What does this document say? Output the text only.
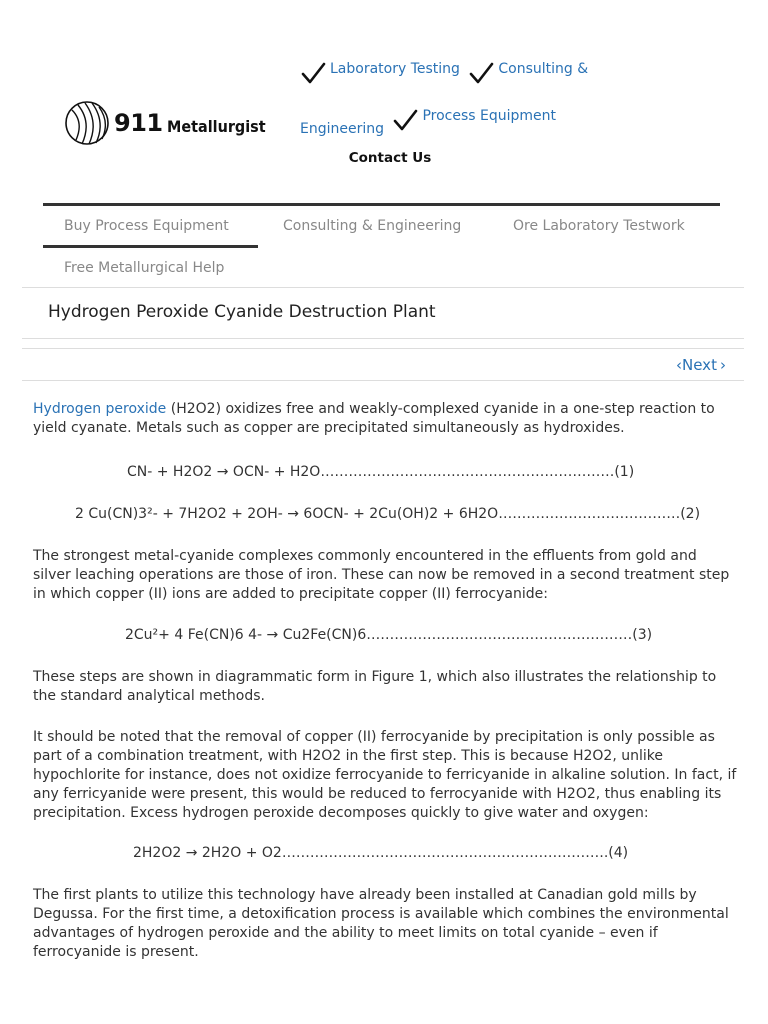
911 Metallurgist
Laboratory Testing
	Consulting &

Engineering

Process Equipment
Contact Us
Buy Process Equipment	Consulting & Engineering	Ore Laboratory Testwork
Free Metallurgical Help
Hydrogen Peroxide Cyanide Destruction Plant
‹Next ›

Hydrogen peroxide (H2O2) oxidizes free and weakly-complexed cyanide in a one-step reaction to yield cyanate. Metals such as copper are precipitated simultaneously as hydroxides.

CN- + H2O2 → OCN- + H2O………………………………………………………(1)
2 Cu(CN)3²- + 7H2O2 + 2OH- → 6OCN- + 2Cu(OH)2 + 6H2O…………………………………(2)
The strongest metal-cyanide complexes commonly encountered in the effluents from gold and silver leaching operations are those of iron. These can now be removed in a second treatment step in which copper (II) ions are added to precipitate copper (II) ferrocyanide:
2Cu²+ 4 Fe(CN)6 4- → Cu2Fe(CN)6…………………………………………………(3)
These steps are shown in diagrammatic form in Figure 1, which also illustrates the relationship to the standard analytical methods.
It should be noted that the removal of copper (II) ferrocyanide by precipitation is only possible as part of a combination treatment, with H2O2 in the first step. This is because H2O2, unlike hypochlorite for instance, does not oxidize ferrocyanide to ferricyanide in alkaline solution. In fact, if any ferricyanide were present, this would be reduced to ferrocyanide with H2O2, thus enabling its precipitation. Excess hydrogen peroxide decomposes quickly to give water and oxygen:
2H2O2 → 2H2O + O2…………………………………………………………….(4)
The first plants to utilize this technology have already been installed at Canadian gold mills by Degussa. For the first time, a detoxification process is available which combines the environmental advantages of hydrogen peroxide and the ability to meet limits on total cyanide – even if ferrocyanide is present.
